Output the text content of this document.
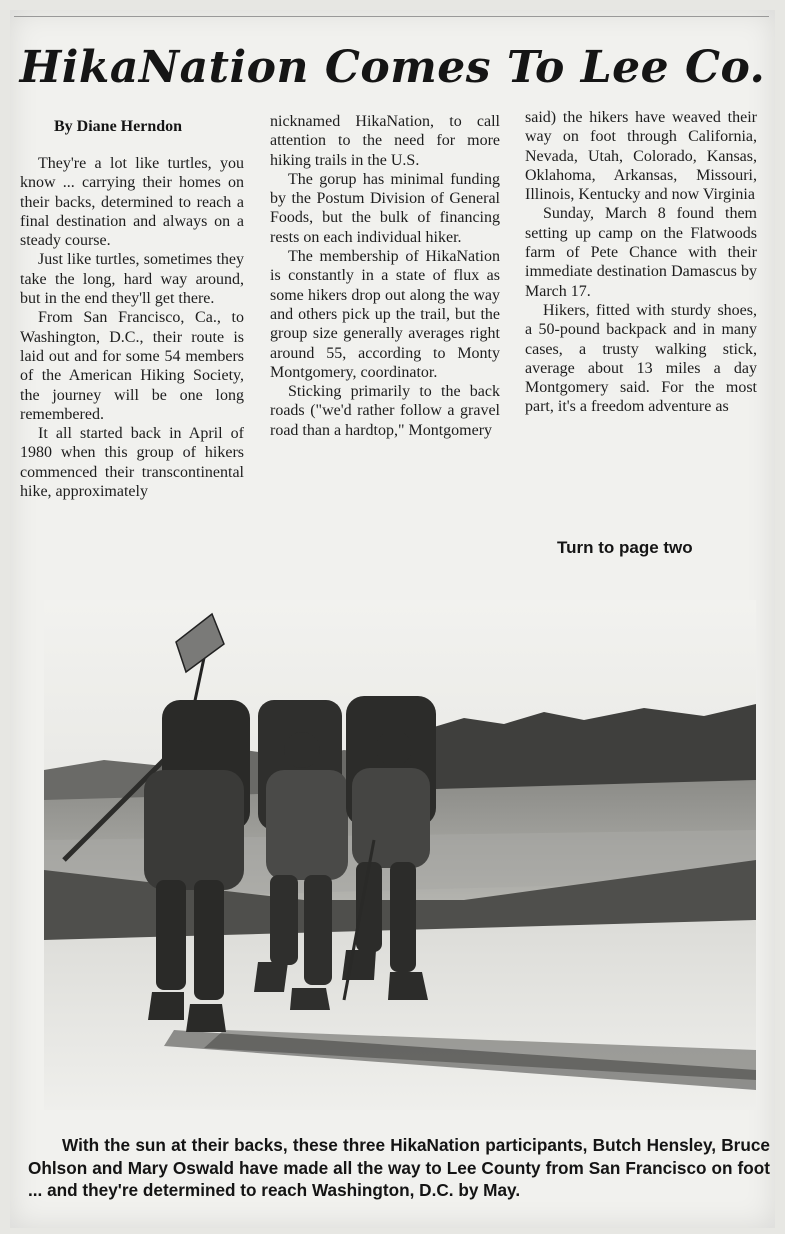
HikaNation Comes To Lee Co.
By Diane Herndon

They're a lot like turtles, you know ... carrying their homes on their backs, determined to reach a final destination and always on a steady course.

Just like turtles, sometimes they take the long, hard way around, but in the end they'll get there.

From San Francisco, Ca., to Washington, D.C., their route is laid out and for some 54 members of the American Hiking Society, the journey will be one long remembered.

It all started back in April of 1980 when this group of hikers commenced their transcontinental hike, approximately

nicknamed HikaNation, to call attention to the need for more hiking trails in the U.S.

The gorup has minimal funding by the Postum Division of General Foods, but the bulk of financing rests on each individual hiker.

The membership of HikaNation is constantly in a state of flux as some hikers drop out along the way and others pick up the trail, but the group size generally averages right around 55, according to Monty Montgomery, coordinator.

Sticking primarily to the back roads ("we'd rather follow a gravel road than a hardtop," Montgomery

said) the hikers have weaved their way on foot through California, Nevada, Utah, Colorado, Kansas, Oklahoma, Arkansas, Missouri, Illinois, Kentucky and now Virginia

Sunday, March 8 found them setting up camp on the Flatwoods farm of Pete Chance with their immediate destination Damascus by March 17.

Hikers, fitted with sturdy shoes, a 50-pound backpack and in many cases, a trusty walking stick, average about 13 miles a day Montgomery said. For the most part, it's a freedom adventure as

Turn to page two
With the sun at their backs, these three HikaNation participants, Butch Hensley, Bruce Ohlson and Mary Oswald have made all the way to Lee County from San Francisco on foot ... and they're determined to reach Washington, D.C. by May.
